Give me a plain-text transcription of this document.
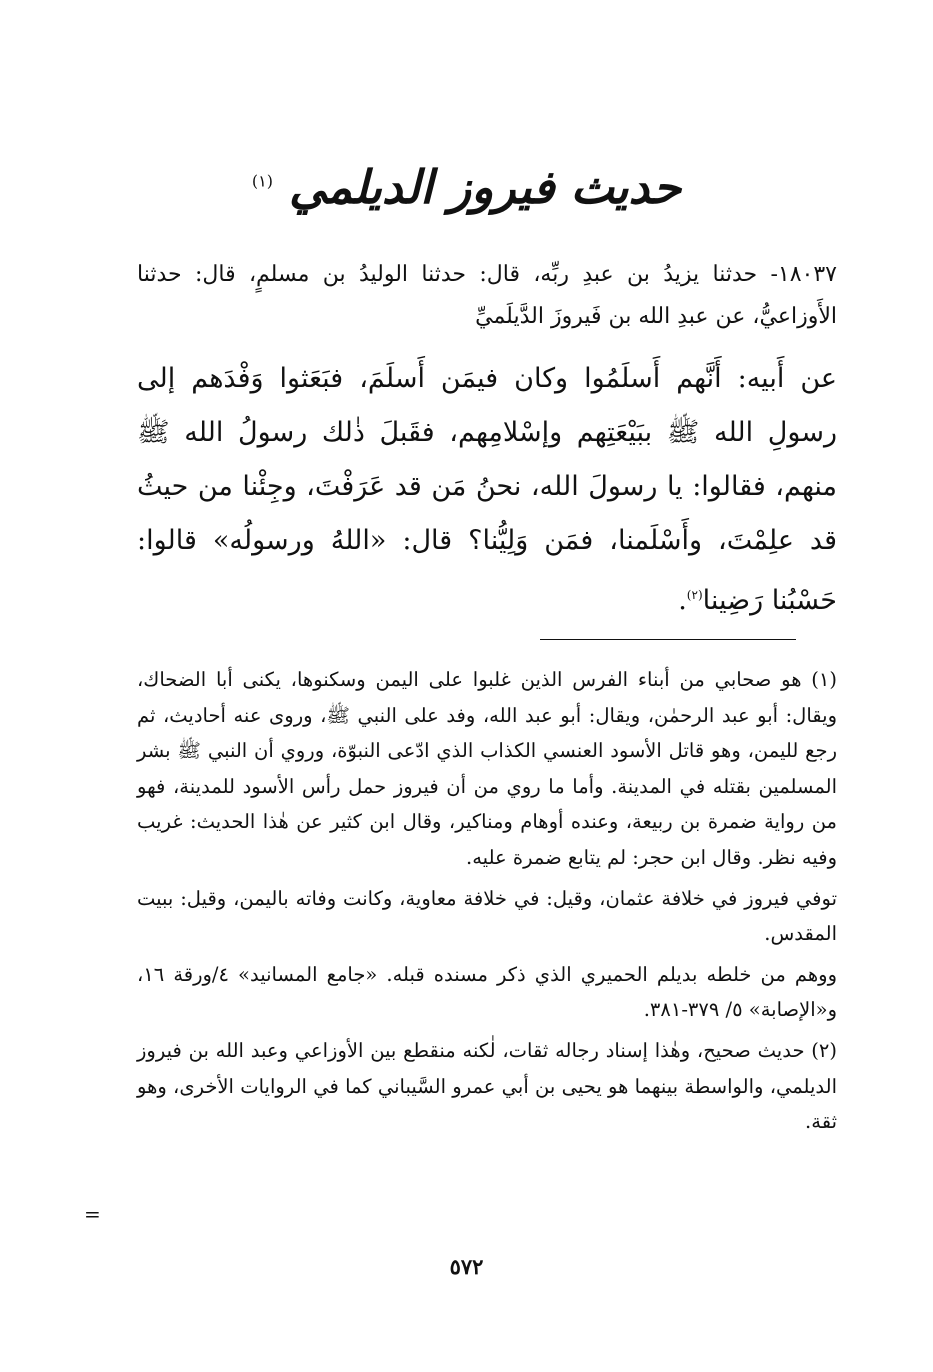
حديث فيروز الديلمي $^{(١)}$
١٨٠٣٧- حدثنا يزيدُ بن عبدِ ربِّه، قال: حدثنا الوليدُ بن مسلمٍ، قال: حدثنا الأَوزاعيُّ، عن عبدِ الله بن فَيروزَ الدَّيلَميِّ
عن أَبيه: أَنَّهم أَسلَمُوا وكان فيمَن أَسلَمَ، فبَعَثوا وَفْدَهم إلى رسولِ الله ﷺ ببَيْعَتِهم وإسْلامِهم، فقَبلَ ذٰلك رسولُ الله ﷺ منهم، فقالوا: يا رسولَ الله، نحنُ مَن قد عَرَفْتَ، وجِئْنا من حيثُ قد علِمْتَ، وأَسْلَمنا، فمَن وَلِيُّنا؟ قال: «اللهُ ورسولُه» قالوا: حَسْبُنا رَضِينا$^{(٢)}$.

(١) هو صحابي من أبناء الفرس الذين غلبوا على اليمن وسكنوها، يكنى أبا الضحاك، ويقال: أبو عبد الرحمٰن، ويقال: أبو عبد الله، وفد على النبي ﷺ، وروى عنه أحاديث، ثم رجع لليمن، وهو قاتل الأسود العنسي الكذاب الذي ادّعى النبوّة، وروي أن النبي ﷺ بشر المسلمين بقتله في المدينة. وأما ما روي من أن فيروز حمل رأس الأسود للمدينة، فهو من رواية ضمرة بن ربيعة، وعنده أوهام ومناكير، وقال ابن كثير عن هٰذا الحديث: غريب وفيه نظر. وقال ابن حجر: لم يتابع ضمرة عليه.

توفي فيروز في خلافة عثمان، وقيل: في خلافة معاوية، وكانت وفاته باليمن، وقيل: ببيت المقدس.

ووهم من خلطه بديلم الحميري الذي ذكر مسنده قبله. «جامع المسانيد» ٤/ورقة ١٦، و«الإصابة» ٥/ ٣٧٩-٣٨١.

(٢) حديث صحيح، وهٰذا إسناد رجاله ثقات، لٰكنه منقطع بين الأوزاعي وعبد الله بن فيروز الديلمي، والواسطة بينهما هو يحيى بن أبي عمرو السَّيباني كما في الروايات الأخرى، وهو ثقة.

=
٥٧٢
